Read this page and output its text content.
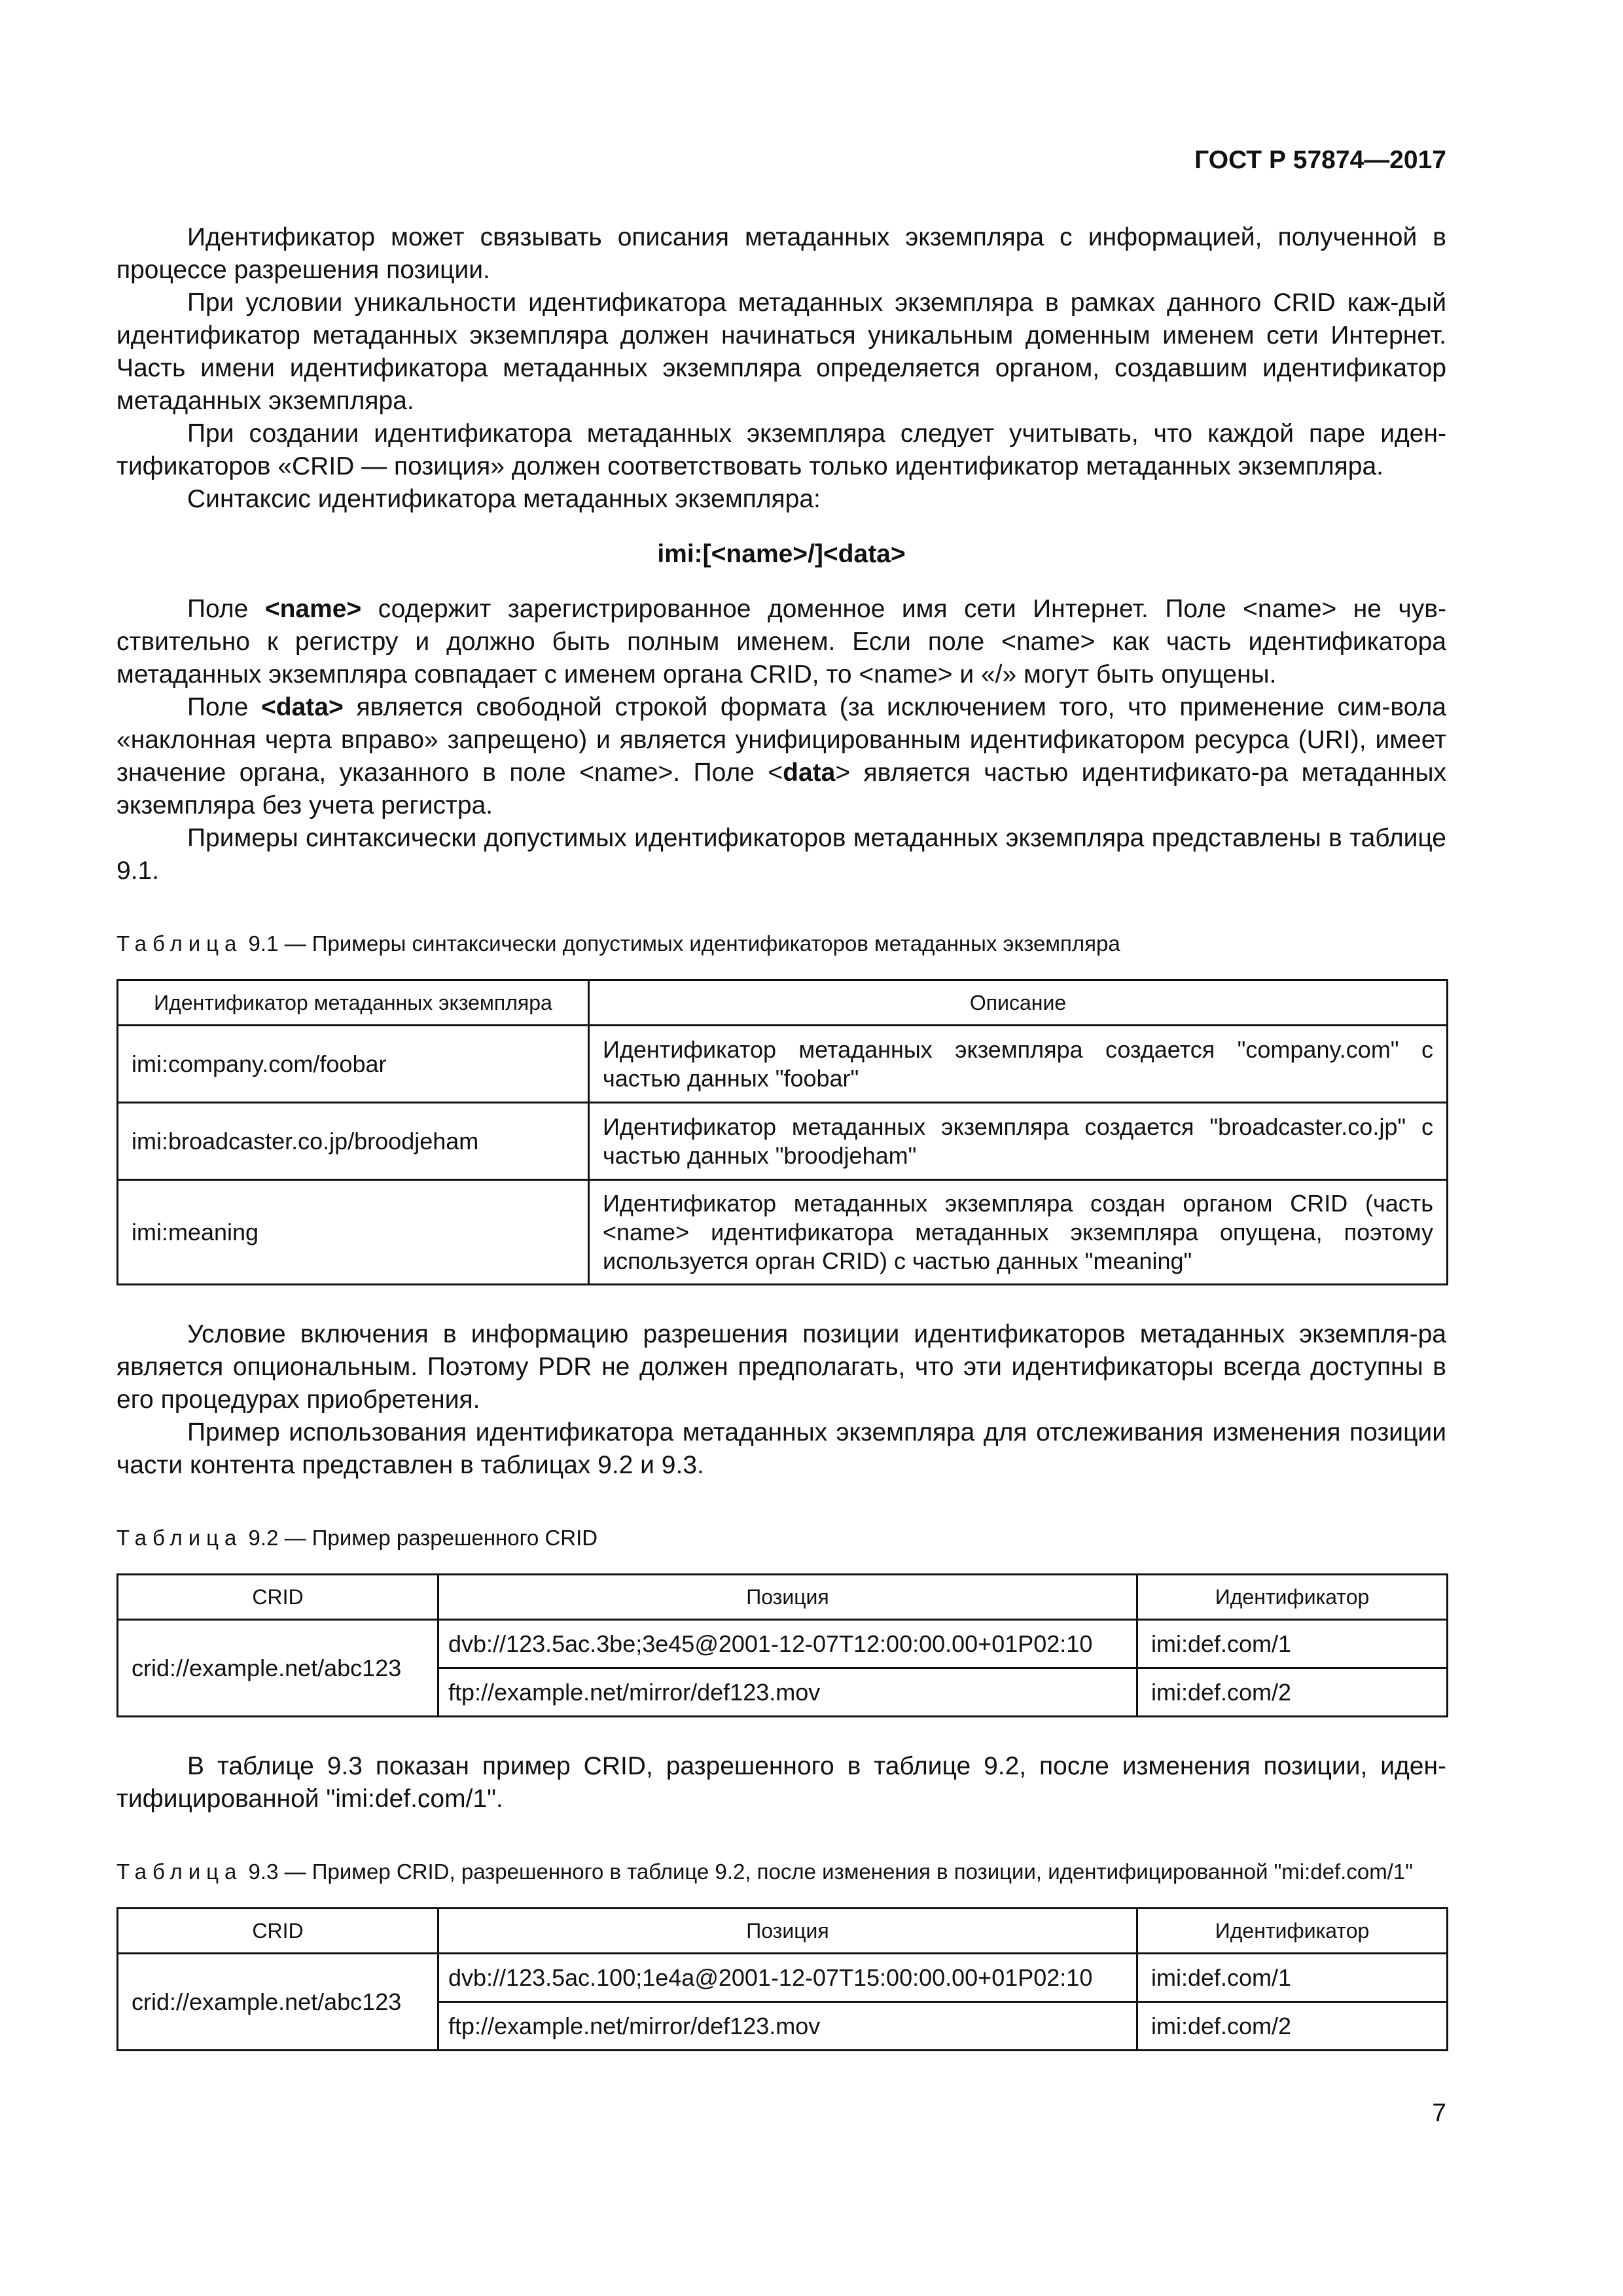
ГОСТ Р 57874—2017

Идентификатор может связывать описания метаданных экземпляра с информацией, полученной в процессе разрешения позиции.

При условии уникальности идентификатора метаданных экземпляра в рамках данного CRID каж-дый идентификатор метаданных экземпляра должен начинаться уникальным доменным именем сети Интернет. Часть имени идентификатора метаданных экземпляра определяется органом, создавшим идентификатор метаданных экземпляра.

При создании идентификатора метаданных экземпляра следует учитывать, что каждой паре иден-тификаторов «CRID — позиция» должен соответствовать только идентификатор метаданных экземпляра.

Синтаксис идентификатора метаданных экземпляра:

imi:[<name>/]<data>

Поле <name> содержит зарегистрированное доменное имя сети Интернет. Поле <name> не чув-ствительно к регистру и должно быть полным именем. Если поле <name> как часть идентификатора метаданных экземпляра совпадает с именем органа CRID, то <name> и «/» могут быть опущены.

Поле <data> является свободной строкой формата (за исключением того, что применение сим-вола «наклонная черта вправо» запрещено) и является унифицированным идентификатором ресурса (URI), имеет значение органа, указанного в поле <name>. Поле <data> является частью идентификато-ра метаданных экземпляра без учета регистра.

Примеры синтаксически допустимых идентификаторов метаданных экземпляра представлены в таблице 9.1.

Таблица 9.1 — Примеры синтаксически допустимых идентификаторов метаданных экземпляра
Идентификатор метаданных экземпляра	Описание
imi:company.com/foobar	Идентификатор метаданных экземпляра создается "company.com" с частью данных "foobar"
imi:broadcaster.co.jp/broodjeham	Идентификатор метаданных экземпляра создается "broadcaster.co.jp" с частью данных "broodjeham"
imi:meaning	Идентификатор метаданных экземпляра создан органом CRID (часть <name> идентификатора метаданных экземпляра опущена, поэтому используется орган CRID) с частью данных "meaning"

Условие включения в информацию разрешения позиции идентификаторов метаданных экземпля-ра является опциональным. Поэтому PDR не должен предполагать, что эти идентификаторы всегда доступны в его процедурах приобретения.

Пример использования идентификатора метаданных экземпляра для отслеживания изменения позиции части контента представлен в таблицах 9.2 и 9.3.

Таблица 9.2 — Пример разрешенного CRID
CRID	Позиция	Идентификатор
crid://example.net/abc123	dvb://123.5ac.3be;3e45@2001-12-07T12:00:00.00+01P02:10	imi:def.com/1
	ftp://example.net/mirror/def123.mov	imi:def.com/2

В таблице 9.3 показан пример CRID, разрешенного в таблице 9.2, после изменения позиции, иден-тифицированной "imi:def.com/1".

Таблица 9.3 — Пример CRID, разрешенного в таблице 9.2, после изменения в позиции, идентифицированной "mi:def.com/1"
CRID	Позиция	Идентификатор
crid://example.net/abc123	dvb://123.5ac.100;1e4a@2001-12-07T15:00:00.00+01P02:10	imi:def.com/1
	ftp://example.net/mirror/def123.mov	imi:def.com/2
7
